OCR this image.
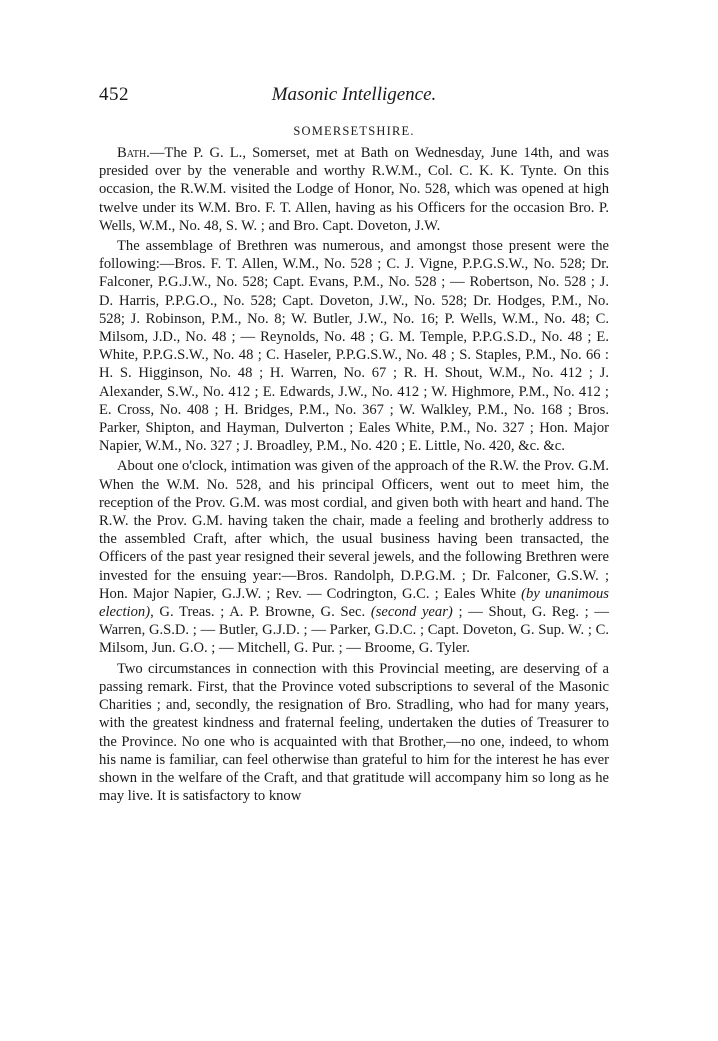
452	Masonic Intelligence.
SOMERSETSHIRE.

Bath.—The P. G. L., Somerset, met at Bath on Wednesday, June 14th, and was presided over by the venerable and worthy R.W.M., Col. C. K. K. Tynte. On this occasion, the R.W.M. visited the Lodge of Honor, No. 528, which was opened at high twelve under its W.M. Bro. F. T. Allen, having as his Officers for the occasion Bro. P. Wells, W.M., No. 48, S. W. ; and Bro. Capt. Doveton, J.W.

The assemblage of Brethren was numerous, and amongst those present were the following:—Bros. F. T. Allen, W.M., No. 528 ; C. J. Vigne, P.P.G.S.W., No. 528; Dr. Falconer, P.G.J.W., No. 528; Capt. Evans, P.M., No. 528 ; — Robertson, No. 528 ; J. D. Harris, P.P.G.O., No. 528; Capt. Doveton, J.W., No. 528; Dr. Hodges, P.M., No. 528; J. Robinson, P.M., No. 8; W. Butler, J.W., No. 16; P. Wells, W.M., No. 48; C. Milsom, J.D., No. 48 ; — Reynolds, No. 48 ; G. M. Temple, P.P.G.S.D., No. 48 ; E. White, P.P.G.S.W., No. 48 ; C. Haseler, P.P.G.S.W., No. 48 ; S. Staples, P.M., No. 66 : H. S. Higginson, No. 48 ; H. Warren, No. 67 ; R. H. Shout, W.M., No. 412 ; J. Alexander, S.W., No. 412 ; E. Edwards, J.W., No. 412 ; W. Highmore, P.M., No. 412 ; E. Cross, No. 408 ; H. Bridges, P.M., No. 367 ; W. Walkley, P.M., No. 168 ; Bros. Parker, Shipton, and Hayman, Dulverton ; Eales White, P.M., No. 327 ; Hon. Major Napier, W.M., No. 327 ; J. Broadley, P.M., No. 420 ; E. Little, No. 420, &c. &c.

About one o'clock, intimation was given of the approach of the R.W. the Prov. G.M. When the W.M. No. 528, and his principal Officers, went out to meet him, the reception of the Prov. G.M. was most cordial, and given both with heart and hand. The R.W. the Prov. G.M. having taken the chair, made a feeling and brotherly address to the assembled Craft, after which, the usual business having been transacted, the Officers of the past year resigned their several jewels, and the following Brethren were invested for the ensuing year:—Bros. Randolph, D.P.G.M. ; Dr. Falconer, G.S.W. ; Hon. Major Napier, G.J.W. ; Rev. — Codrington, G.C. ; Eales White (by unanimous election), G. Treas. ; A. P. Browne, G. Sec. (second year) ; — Shout, G. Reg. ; — Warren, G.S.D. ; — Butler, G.J.D. ; — Parker, G.D.C. ; Capt. Doveton, G. Sup. W. ; C. Milsom, Jun. G.O. ; — Mitchell, G. Pur. ; — Broome, G. Tyler.

Two circumstances in connection with this Provincial meeting, are deserving of a passing remark. First, that the Province voted subscriptions to several of the Masonic Charities ; and, secondly, the resignation of Bro. Stradling, who had for many years, with the greatest kindness and fraternal feeling, undertaken the duties of Treasurer to the Province. No one who is acquainted with that Brother,—no one, indeed, to whom his name is familiar, can feel otherwise than grateful to him for the interest he has ever shown in the welfare of the Craft, and that gratitude will accompany him so long as he may live. It is satisfactory to know
